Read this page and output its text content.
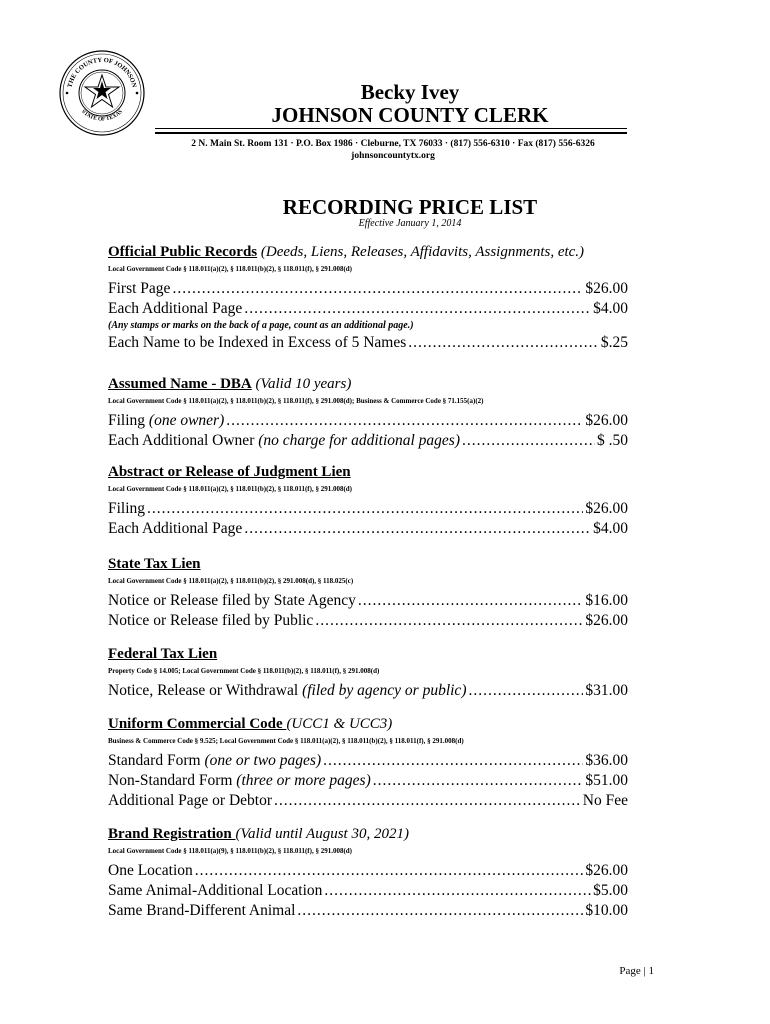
THE COUNTY OF JOHNSON
STATE OF TEXAS
Becky Ivey
JOHNSON COUNTY CLERK
2 N. Main St. Room 131 · P.O. Box 1986 · Cleburne, TX 76033 · (817) 556-6310 · Fax (817) 556-6326
johnsoncountytx.org
RECORDING PRICE LIST
Effective January 1, 2014
Official Public Records (Deeds, Liens, Releases, Affidavits, Assignments, etc.)
Local Government Code § 118.011(a)(2), § 118.011(b)(2), § 118.011(f), § 291.008(d)
First Page .....	$26.00
Each Additional Page .....	$4.00
(Any stamps or marks on the back of a page, count as an additional page.)
Each Name to be Indexed in Excess of 5 Names .....	$.25
Assumed Name - DBA (Valid 10 years)
Local Government Code § 118.011(a)(2), § 118.011(b)(2), § 118.011(f), § 291.008(d); Business & Commerce Code § 71.155(a)(2)
Filing (one owner) .....	$26.00
Each Additional Owner (no charge for additional pages) .....	$ .50
Abstract or Release of Judgment Lien
Local Government Code § 118.011(a)(2), § 118.011(b)(2), § 118.011(f), § 291.008(d)
Filing .....	$26.00
Each Additional Page .....	$4.00
State Tax Lien
Local Government Code § 118.011(a)(2), § 118.011(b)(2), § 291.008(d), § 118.025(c)
Notice or Release filed by State Agency .....	$16.00
Notice or Release filed by Public .....	$26.00
Federal Tax Lien
Property Code § 14.005; Local Government Code § 118.011(b)(2), § 118.011(f), § 291.008(d)
Notice, Release or Withdrawal (filed by agency or public) .....	$31.00
Uniform Commercial Code (UCC1 & UCC3)
Business & Commerce Code § 9.525; Local Government Code § 118.011(a)(2), § 118.011(b)(2), § 118.011(f), § 291.008(d)
Standard Form (one or two pages) .....	$36.00
Non-Standard Form (three or more pages) .....	$51.00
Additional Page or Debtor .....	No Fee
Brand Registration (Valid until August 30, 2021)
Local Government Code § 118.011(a)(9), § 118.011(b)(2), § 118.011(f), § 291.008(d)
One Location .....	$26.00
Same Animal-Additional Location .....	$5.00
Same Brand-Different Animal .....	$10.00
Page | 1
